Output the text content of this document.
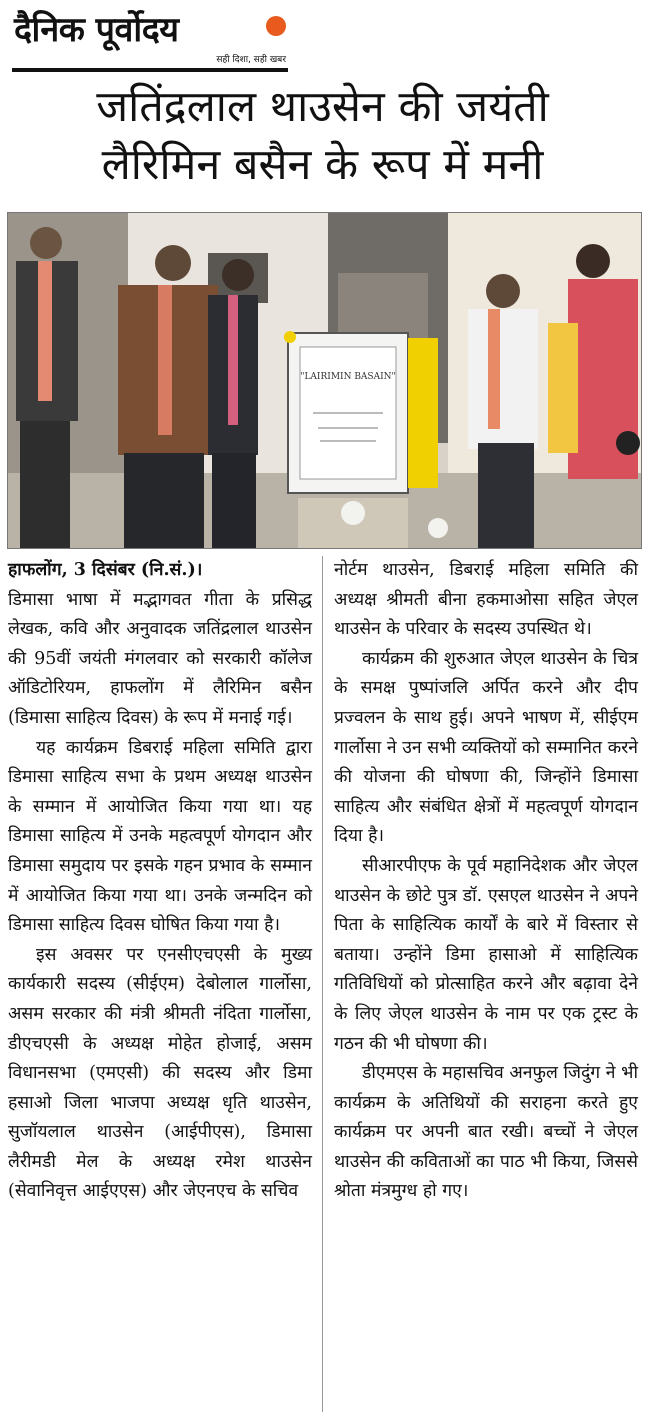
दैनिक पूर्वोदय
सही दिशा, सही खबर
जतिंद्रलाल थाउसेन की जयंती
लैरिमिन बसैन के रूप में मनी
"LAIRIMIN BASAIN"

हाफलोंग, 3 दिसंबर (नि.सं.)।

डिमासा भाषा में मद्भागवत गीता के प्रसिद्ध लेखक, कवि और अनुवादक जतिंद्रलाल थाउसेन की 95वीं जयंती मंगलवार को सरकारी कॉलेज ऑडिटोरियम, हाफलोंग में लैरिमिन बसैन (डिमासा साहित्य दिवस) के रूप में मनाई गई।

यह कार्यक्रम डिबराई महिला समिति द्वारा डिमासा साहित्य सभा के प्रथम अध्यक्ष थाउसेन के सम्मान में आयोजित किया गया था। यह डिमासा साहित्य में उनके महत्वपूर्ण योगदान और डिमासा समुदाय पर इसके गहन प्रभाव के सम्मान में आयोजित किया गया था। उनके जन्मदिन को डिमासा साहित्य दिवस घोषित किया गया है।

इस अवसर पर एनसीएचएसी के मुख्य कार्यकारी सदस्य (सीईएम) देबोलाल गार्लोसा, असम सरकार की मंत्री श्रीमती नंदिता गार्लोसा, डीएचएसी के अध्यक्ष मोहेत होजाई, असम विधानसभा (एमएसी) की सदस्य और डिमा हसाओ जिला भाजपा अध्यक्ष धृति थाउसेन, सुजॉयलाल थाउसेन (आईपीएस), डिमासा लैरीमडी मेल के अध्यक्ष रमेश थाउसेन (सेवानिवृत्त आईएएस) और जेएनएच के सचिव

नोर्टम थाउसेन, डिबराई महिला समिति की अध्यक्ष श्रीमती बीना हकमाओसा सहित जेएल थाउसेन के परिवार के सदस्य उपस्थित थे।

कार्यक्रम की शुरुआत जेएल थाउसेन के चित्र के समक्ष पुष्पांजलि अर्पित करने और दीप प्रज्वलन के साथ हुई। अपने भाषण में, सीईएम गार्लोसा ने उन सभी व्यक्तियों को सम्मानित करने की योजना की घोषणा की, जिन्होंने डिमासा साहित्य और संबंधित क्षेत्रों में महत्वपूर्ण योगदान दिया है।

सीआरपीएफ के पूर्व महानिदेशक और जेएल थाउसेन के छोटे पुत्र डॉ. एसएल थाउसेन ने अपने पिता के साहित्यिक कार्यों के बारे में विस्तार से बताया। उन्होंने डिमा हासाओ में साहित्यिक गतिविधियों को प्रोत्साहित करने और बढ़ावा देने के लिए जेएल थाउसेन के नाम पर एक ट्रस्ट के गठन की भी घोषणा की।

डीएमएस के महासचिव अनफुल जिदुंग ने भी कार्यक्रम के अतिथियों की सराहना करते हुए कार्यक्रम पर अपनी बात रखी। बच्चों ने जेएल थाउसेन की कविताओं का पाठ भी किया, जिससे श्रोता मंत्रमुग्ध हो गए।
